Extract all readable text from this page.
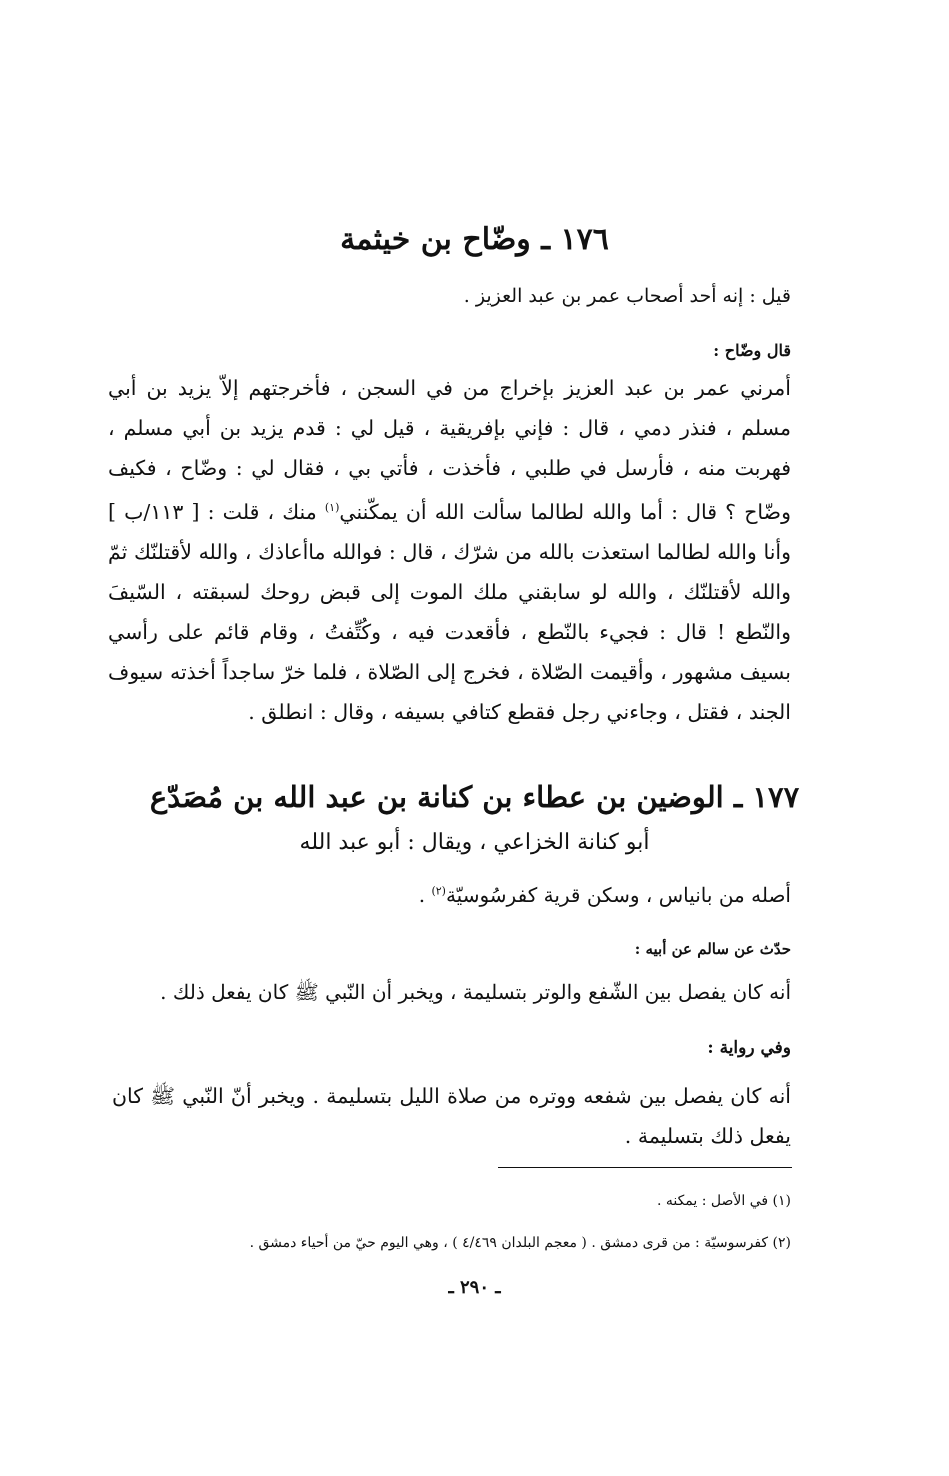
١٧٦ ـ وضّاح بن خيثمة
قيل : إنه أحد أصحاب عمر بن عبد العزيز .
قال وضّاح :
أمرني عمر بن عبد العزيز بإخراج من في السجن ، فأخرجتهم إلاّ يزيد بن أبي مسلم ، فنذر دمي ، قال : فإني بإفريقية ، قيل لي : قدم يزيد بن أبي مسلم ، فهربت منه ، فأرسل في طلبي ، فأخذت ، فأتي بي ، فقال لي : وضّاح ، فكيف وضّاح ؟ قال : أما والله لطالما سألت الله أن يمكّنني$^{(١)}$ منك ، قلت : [ ١١٣/ب ] وأنا والله لطالما استعذت بالله من شرّك ، قال : فوالله ماأعاذك ، والله لأقتلنّك ثمّ والله لأقتلنّك ، والله لو سابقني ملك الموت إلى قبض روحك لسبقته ، السّيفَ والنّطع ! قال : فجيء بالنّطع ، فأقعدت فيه ، وكُتِّفتُ ، وقام قائم على رأسي بسيف مشهور ، وأقيمت الصّلاة ، فخرج إلى الصّلاة ، فلما خرّ ساجداً أخذته سيوف الجند ، فقتل ، وجاءني رجل فقطع كتافي بسيفه ، وقال : انطلق .
١٧٧ ـ الوضين بن عطاء بن كنانة بن عبد الله بن مُصَدّع
أبو كنانة الخزاعي ، ويقال : أبو عبد الله
أصله من بانياس ، وسكن قرية كفرسُوسيّة$^{(٢)}$ .
حدّث عن سالم عن أبيه :
أنه كان يفصل بين الشّفع والوتر بتسليمة ، ويخبر أن النّبي ﷺ كان يفعل ذلك .
وفي رواية :
أنه كان يفصل بين شفعه ووتره من صلاة الليل بتسليمة . ويخبر أنّ النّبي ﷺ كان يفعل ذلك بتسليمة .
(١) في الأصل : يمكنه .
(٢) كفرسوسيّة : من قرى دمشق . ( معجم البلدان ٤/٤٦٩ ) ، وهي اليوم حيّ من أحياء دمشق .
ـ ٢٩٠ ـ
